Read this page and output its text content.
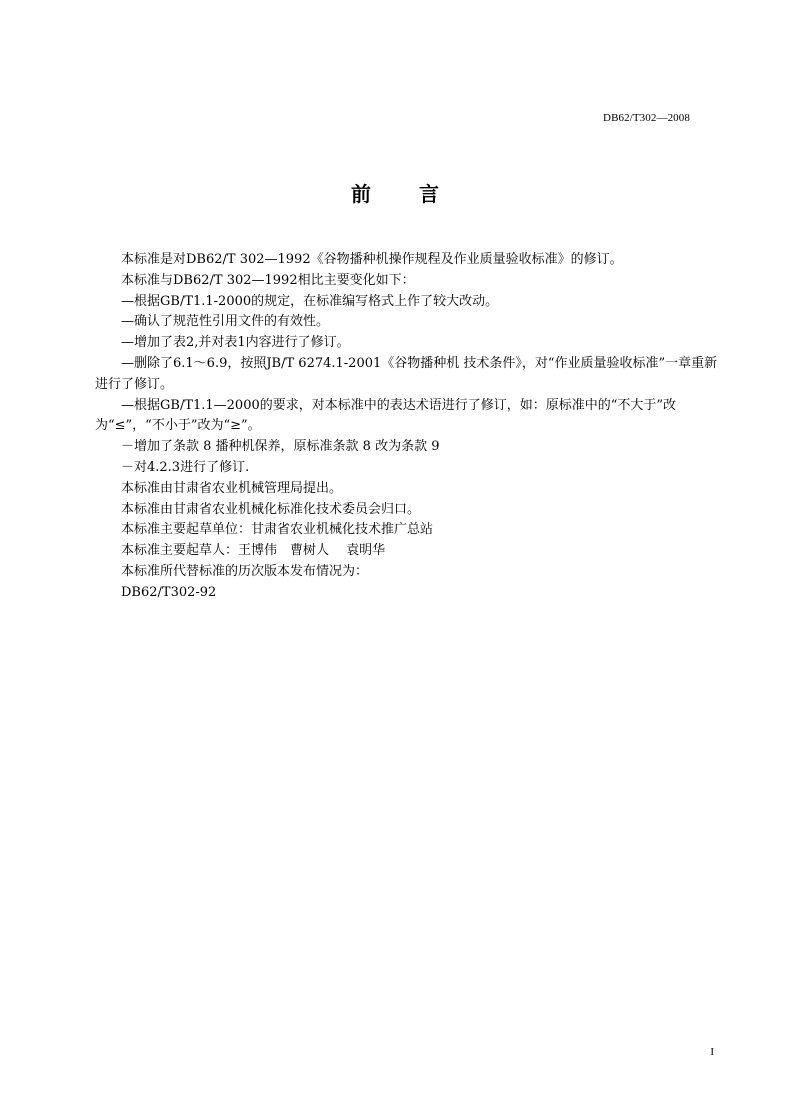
DB62/T302—2008
前 言

本标准是对DB62/T 302—1992《谷物播种机操作规程及作业质量验收标准》的修订。

本标准与DB62/T 302—1992相比主要变化如下：

—根据GB/T1.1-2000的规定，在标准编写格式上作了较大改动。

—确认了规范性引用文件的有效性。

—增加了表2,并对表1内容进行了修订。

—删除了6.1～6.9，按照JB/T 6274.1-2001《谷物播种机 技术条件》，对“作业质量验收标准”一章重新进行了修订。

—根据GB/T1.1—2000的要求，对本标准中的表达术语进行了修订，如：原标准中的“不大于”改为“≤”，“不小于”改为“≥”。

－增加了条款 8 播种机保养，原标准条款 8 改为条款 9

－对4.2.3进行了修订.

本标准由甘肃省农业机械管理局提出。

本标准由甘肃省农业机械化标准化技术委员会归口。

本标准主要起草单位：甘肃省农业机械化技术推广总站

本标准主要起草人：王博伟　曹树人　 袁明华

本标准所代替标准的历次版本发布情况为：

DB62/T302-92

I
